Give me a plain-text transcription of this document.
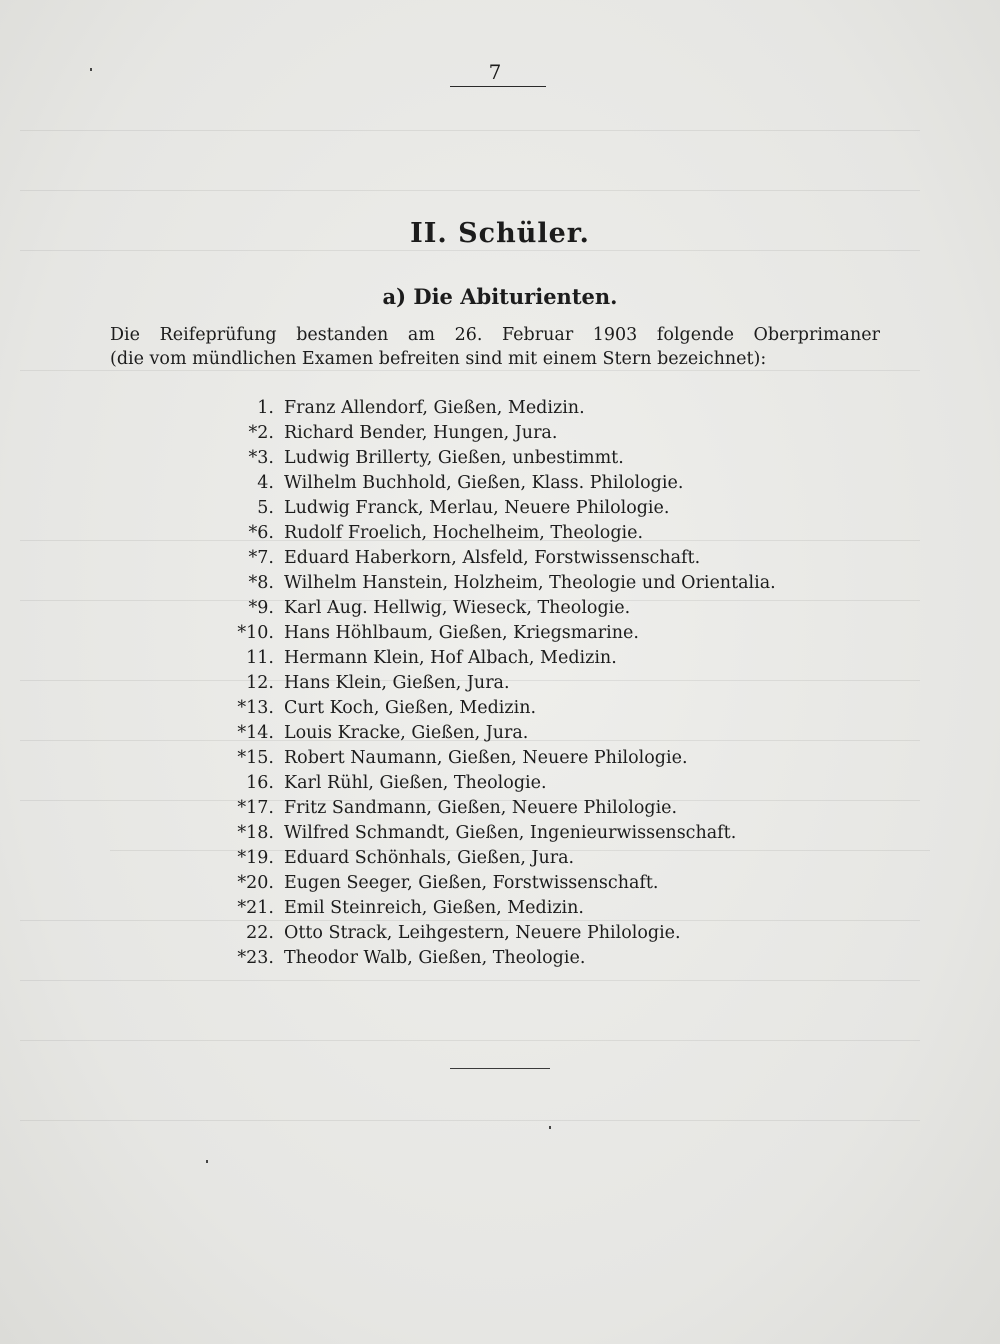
7
II. Schüler.
a) Die Abiturienten.
Die Reifeprüfung bestanden am 26. Februar 1903 folgende Oberprimaner
(die vom mündlichen Examen befreiten sind mit einem Stern bezeichnet):
1. Franz Allendorf, Gießen, Medizin.
*2. Richard Bender, Hungen, Jura.
*3. Ludwig Brillerty, Gießen, unbestimmt.
4. Wilhelm Buchhold, Gießen, Klass. Philologie.
5. Ludwig Franck, Merlau, Neuere Philologie.
*6. Rudolf Froelich, Hochelheim, Theologie.
*7. Eduard Haberkorn, Alsfeld, Forstwissenschaft.
*8. Wilhelm Hanstein, Holzheim, Theologie und Orientalia.
*9. Karl Aug. Hellwig, Wieseck, Theologie.
*10. Hans Höhlbaum, Gießen, Kriegsmarine.
11. Hermann Klein, Hof Albach, Medizin.
12. Hans Klein, Gießen, Jura.
*13. Curt Koch, Gießen, Medizin.
*14. Louis Kracke, Gießen, Jura.
*15. Robert Naumann, Gießen, Neuere Philologie.
16. Karl Rühl, Gießen, Theologie.
*17. Fritz Sandmann, Gießen, Neuere Philologie.
*18. Wilfred Schmandt, Gießen, Ingenieurwissenschaft.
*19. Eduard Schönhals, Gießen, Jura.
*20. Eugen Seeger, Gießen, Forstwissenschaft.
*21. Emil Steinreich, Gießen, Medizin.
22. Otto Strack, Leihgestern, Neuere Philologie.
*23. Theodor Walb, Gießen, Theologie.
